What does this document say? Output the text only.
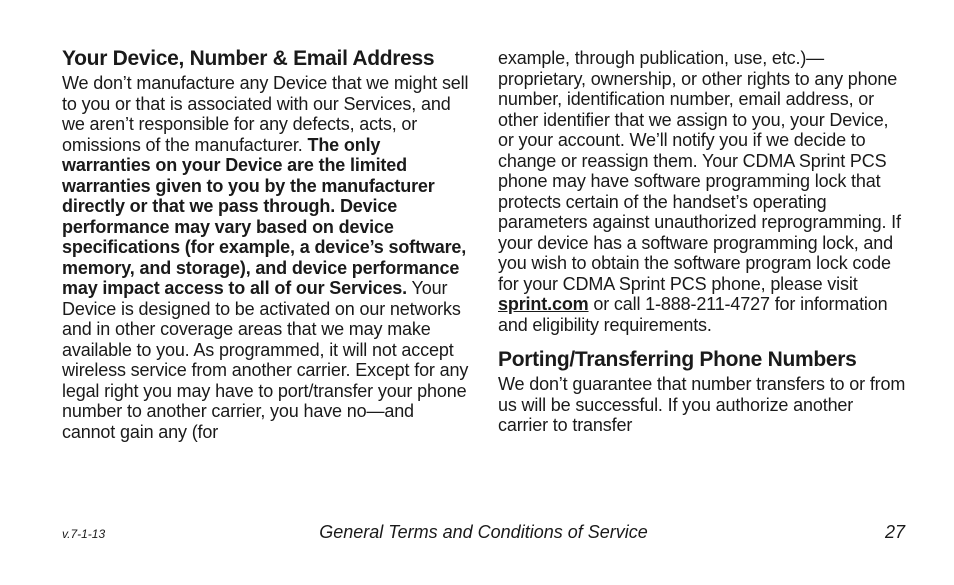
Your Device, Number & Email Address

We don’t manufacture any Device that we might sell to you or that is associated with our Services, and we aren’t responsible for any defects, acts, or omissions of the manufacturer. The only warranties on your Device are the limited warranties given to you by the manufacturer directly or that we pass through. Device performance may vary based on device specifications (for example, a device’s software, memory, and storage), and device performance may impact access to all of our Services. Your Device is designed to be activated on our networks and in other coverage areas that we may make available to you. As programmed, it will not accept wireless service from another carrier. Except for any legal right you may have to port/transfer your phone number to another carrier, you have no—and cannot gain any (for

example, through publication, use, etc.)—proprietary, ownership, or other rights to any phone number, identification number, email address, or other identifier that we assign to you, your Device, or your account. We’ll notify you if we decide to change or reassign them. Your CDMA Sprint PCS phone may have software programming lock that protects certain of the handset’s operating parameters against unauthorized reprogramming. If your device has a software programming lock, and you wish to obtain the software program lock code for your CDMA Sprint PCS phone, please visit sprint.com or call 1-888-211-4727 for information and eligibility requirements.

Porting/Transferring Phone Numbers

We don’t guarantee that number transfers to or from us will be successful. If you authorize another carrier to transfer

v.7-1-13	General Terms and Conditions of Service	27
